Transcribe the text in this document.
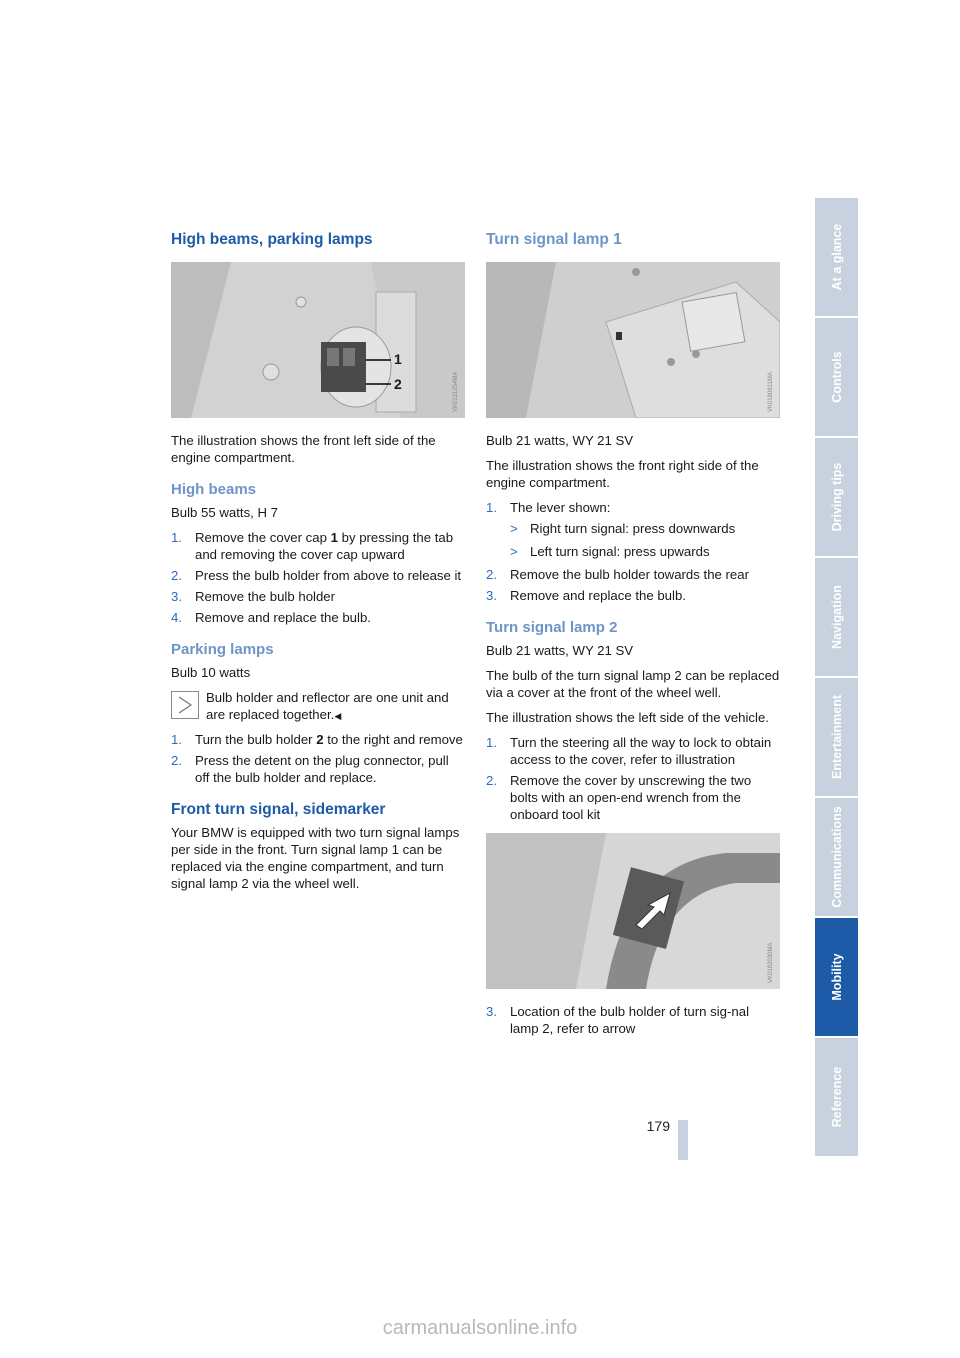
High beams, parking lamps
VK0121254MA
1
2

The illustration shows the front left side of the engine compartment.

High beams

Bulb 55 watts, H 7

1. Remove the cover cap 1 by pressing the tab and removing the cover cap upward
2. Press the bulb holder from above to release it
3. Remove the bulb holder
4. Remove and replace the bulb.
Parking lamps

Bulb 10 watts

Bulb holder and reflector are one unit and are replaced together.◀

1. Turn the bulb holder 2 to the right and remove
2. Press the detent on the plug connector, pull off the bulb holder and replace.
Front turn signal, sidemarker

Your BMW is equipped with two turn signal lamps per side in the front. Turn signal lamp 1 can be replaced via the engine compartment, and turn signal lamp 2 via the wheel well.

Turn signal lamp 1
VK0180811MA

Bulb 21 watts, WY 21 SV

The illustration shows the front right side of the engine compartment.

1. The lever shown:
> Right turn signal: press downwards
> Left turn signal: press upwards
2. Remove the bulb holder towards the rear
3. Remove and replace the bulb.
Turn signal lamp 2

Bulb 21 watts, WY 21 SV

The bulb of the turn signal lamp 2 can be replaced via a cover at the front of the wheel well.

The illustration shows the left side of the vehicle.

1. Turn the steering all the way to lock to obtain access to the cover, refer to illustration
2. Remove the cover by unscrewing the two bolts with an open-end wrench from the onboard tool kit
VK0182030MA
3. Location of the bulb holder of turn sig-nal lamp 2, refer to arrow
At a glance
Controls
Driving tips
Navigation
Entertainment
Communications
Mobility
Reference
179
carmanualsonline.info
